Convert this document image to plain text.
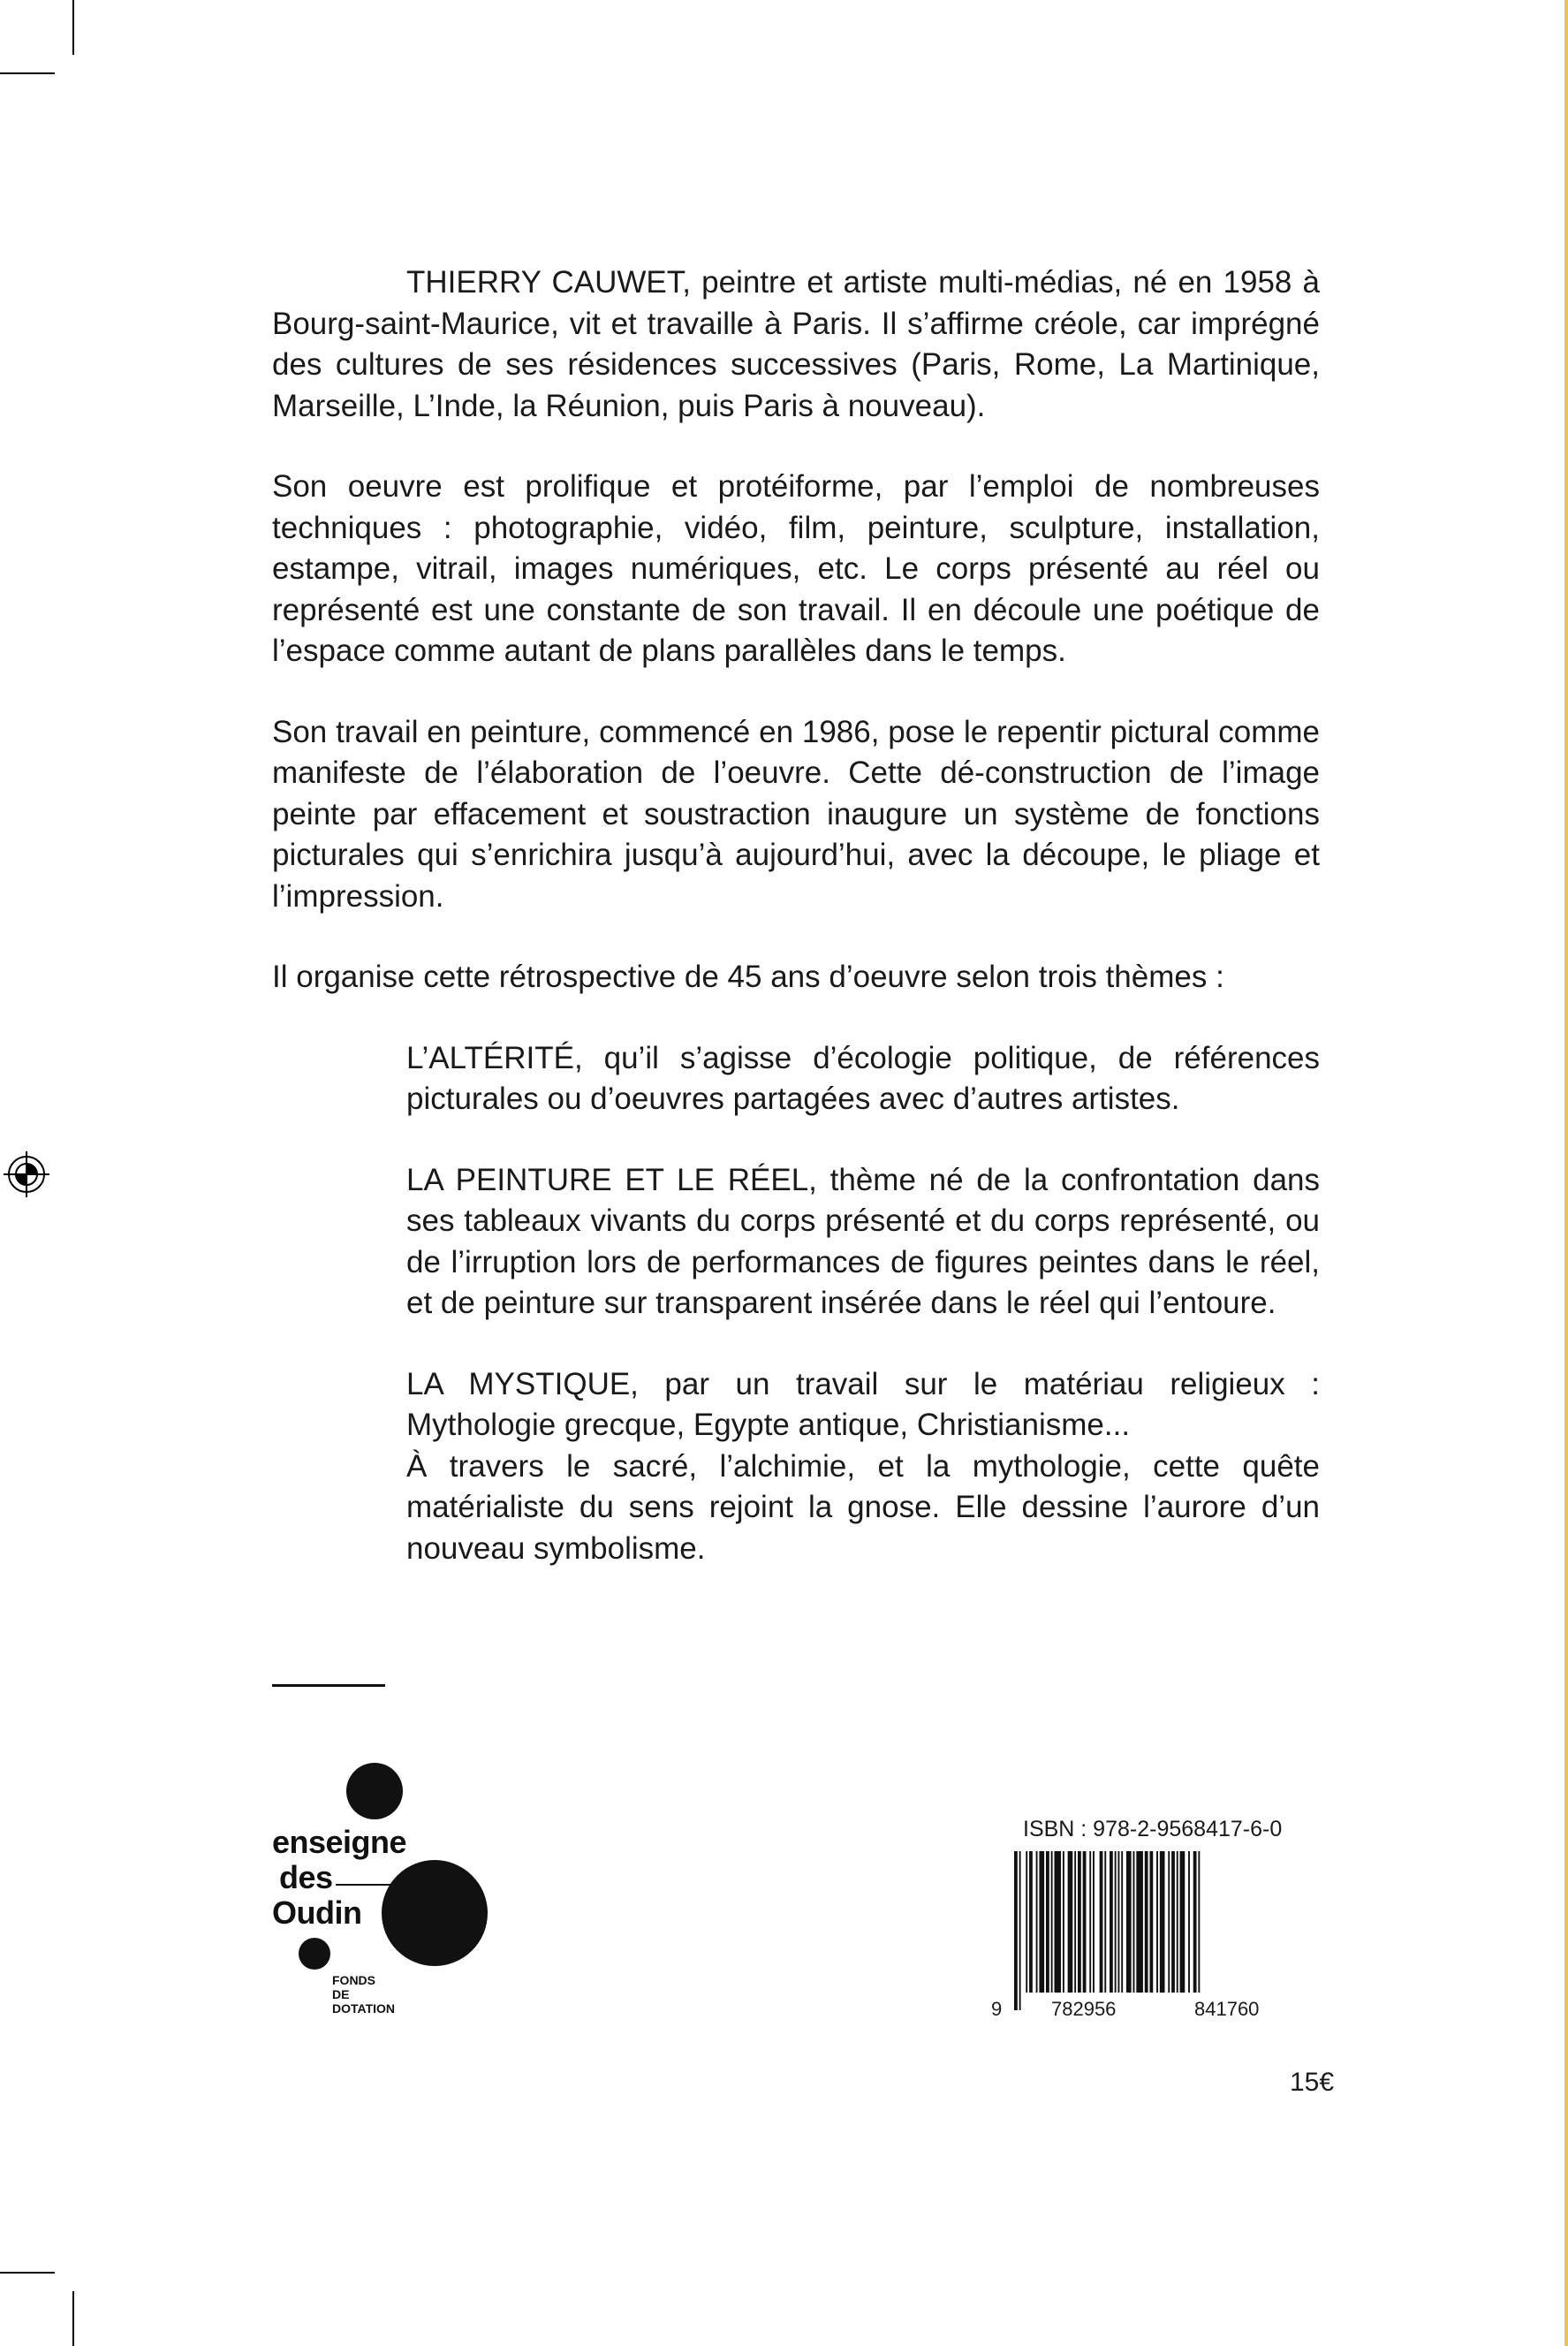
THIERRY CAUWET, peintre et artiste multi-médias, né en 1958 à Bourg-saint-Maurice, vit et travaille à Paris. Il s’affirme créole, car imprégné des cultures de ses résidences successives (Paris, Rome, La Martinique, Marseille, L’Inde, la Réunion, puis Paris à nouveau).

Son oeuvre est prolifique et protéiforme, par l’emploi de nombreuses techniques : photographie, vidéo, film, peinture, sculpture, installation, estampe, vitrail, images numériques, etc. Le corps présenté au réel ou représenté est une constante de son travail. Il en découle une poétique de l’espace comme autant de plans parallèles dans le temps.

Son travail en peinture, commencé en 1986, pose le repentir pictural comme manifeste de l’élaboration de l’oeuvre. Cette dé-construction de l’image peinte par effacement et soustraction inaugure un système de fonctions picturales qui s’enrichira jusqu’à aujourd’hui, avec la découpe, le pliage et l’impression.

Il organise cette rétrospective de 45 ans d’oeuvre selon trois thèmes :

L’ALTÉRITÉ, qu’il s’agisse d’écologie politique, de références picturales ou d’oeuvres partagées avec d’autres artistes.

LA PEINTURE ET LE RÉEL, thème né de la confrontation dans ses tableaux vivants du corps présenté et du corps représenté, ou de l’irruption lors de performances de figures peintes dans le réel, et de peinture sur transparent insérée dans le réel qui l’entoure.

LA MYSTIQUE, par un travail sur le matériau religieux : Mythologie grecque, Egypte antique, Christianisme...

À travers le sacré, l’alchimie, et la mythologie, cette quête matérialiste du sens rejoint la gnose. Elle dessine l’aurore d’un nouveau symbolisme.

enseigne
des
Oudin
FONDS
DE
DOTATION
ISBN : 978-2-9568417-6-0
9	782956	841760
15€
